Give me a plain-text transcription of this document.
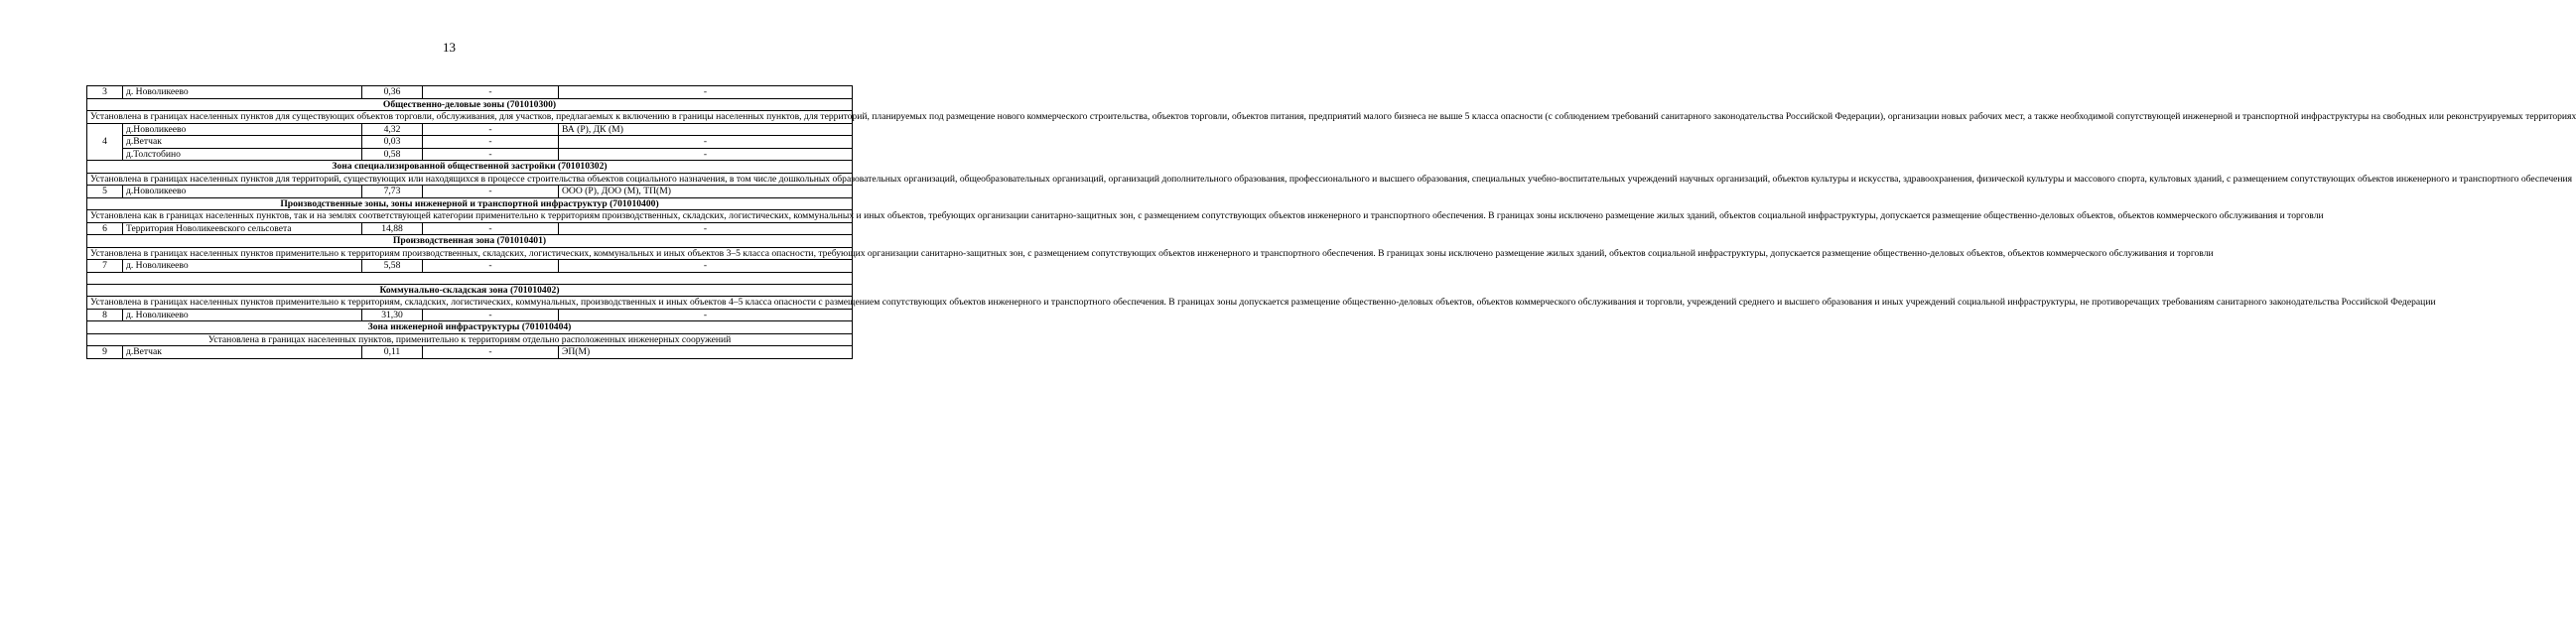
13
3	д. Новоликеево	0,36	-	-
Общественно-деловые зоны (701010300)				
Установлена в границах населенных пунктов для существующих объектов торговли, обслуживания, для участков, предлагаемых к включению в границы населенных пунктов, для территорий, планируемых под размещение нового коммерческого строительства, объектов торговли, объектов питания, предприятий малого бизнеса не выше 5 класса опасности (с соблюдением требований санитарного законодательства Российской Федерации), организации новых рабочих мест, а также необходимой сопутствующей инженерной и транспортной инфраструктуры на свободных или реконструируемых территориях				
4	д.Новоликеево	4,32	-	ВА (Р), ДК (М)
	д.Ветчак	0,03	-	-
	д.Толстобино	0,58	-	-
Зона специализированной общественной застройки (701010302)				
Установлена в границах населенных пунктов для территорий, существующих или находящихся в процессе строительства объектов социального назначения, в том числе дошкольных образовательных организаций, общеобразовательных организаций, организаций дополнительного образования, профессионального и высшего образования, специальных учебно-воспитательных учреждений научных организаций, объектов культуры и искусства, здравоохранения, физической культуры и массового спорта, культовых зданий, с размещением сопутствующих объектов инженерного и транспортного обеспечения				
5	д.Новоликеево	7,73	-	ООО (Р), ДОО (М), ТП(М)
Производственные зоны, зоны инженерной и транспортной инфраструктур (701010400)				
Установлена как в границах населенных пунктов, так и на землях соответствующей категории применительно к территориям производственных, складских, логистических, коммунальных и иных объектов, требующих организации санитарно-защитных зон, с размещением сопутствующих объектов инженерного и транспортного обеспечения. В границах зоны исключено размещение жилых зданий, объектов социальной инфраструктуры, допускается размещение общественно-деловых объектов, объектов коммерческого обслуживания и торговли				
6	Территория Новоликеевского сельсовета	14,88	-	-
Производственная зона (701010401)				
Установлена в границах населенных пунктов применительно к территориям производственных, складских, логистических, коммунальных и иных объектов 3–5 класса опасности, требующих организации санитарно-защитных зон, с размещением сопутствующих объектов инженерного и транспортного обеспечения. В границах зоны исключено размещение жилых зданий, объектов социальной инфраструктуры, допускается размещение общественно-деловых объектов, объектов коммерческого обслуживания и торговли				
7	д. Новоликеево	5,58	-	-

Коммунально-складская зона (701010402)				
Установлена в границах населенных пунктов применительно к территориям, складских, логистических, коммунальных, производственных и иных объектов 4–5 класса опасности с размещением сопутствующих объектов инженерного и транспортного обеспечения. В границах зоны допускается размещение общественно-деловых объектов, объектов коммерческого обслуживания и торговли, учреждений среднего и высшего образования и иных учреждений социальной инфраструктуры, не противоречащих требованиям санитарного законодательства Российской Федерации				
8	д. Новоликеево	31,30	-	-
Зона инженерной инфраструктуры (701010404)				
Установлена в границах населенных пунктов, применительно к территориям отдельно расположенных инженерных сооружений				
9	д.Ветчак	0,11	-	ЭП(М)
